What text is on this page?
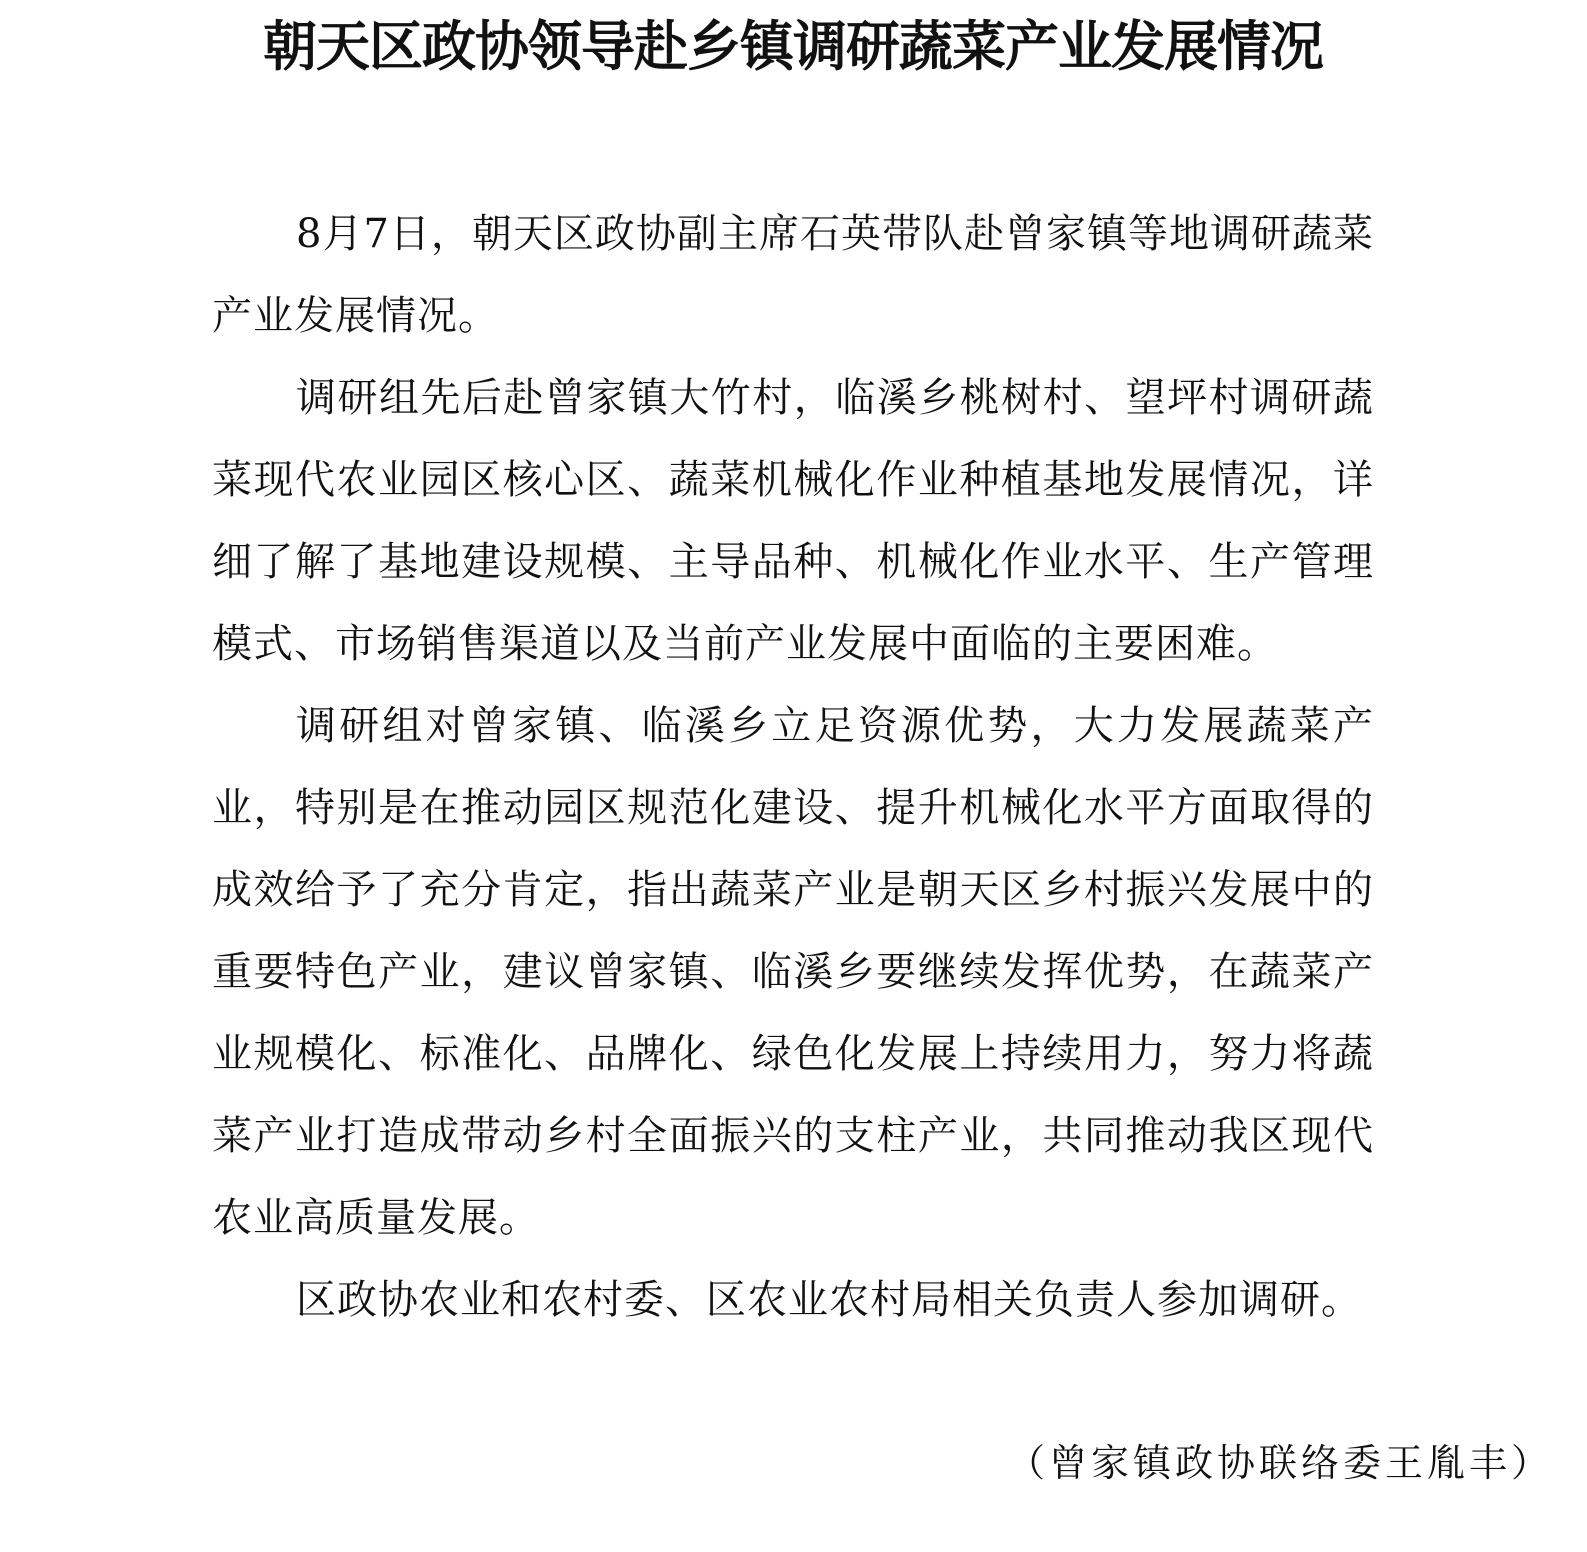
朝天区政协领导赴乡镇调研蔬菜产业发展情况

8月7日，朝天区政协副主席石英带队赴曾家镇等地调研蔬菜产业发展情况。

调研组先后赴曾家镇大竹村，临溪乡桃树村、望坪村调研蔬菜现代农业园区核心区、蔬菜机械化作业种植基地发展情况，详细了解了基地建设规模、主导品种、机械化作业水平、生产管理模式、市场销售渠道以及当前产业发展中面临的主要困难。

调研组对曾家镇、临溪乡立足资源优势，大力发展蔬菜产业，特别是在推动园区规范化建设、提升机械化水平方面取得的成效给予了充分肯定，指出蔬菜产业是朝天区乡村振兴发展中的重要特色产业，建议曾家镇、临溪乡要继续发挥优势，在蔬菜产业规模化、标准化、品牌化、绿色化发展上持续用力，努力将蔬菜产业打造成带动乡村全面振兴的支柱产业，共同推动我区现代农业高质量发展。

区政协农业和农村委、区农业农村局相关负责人参加调研。

（曾家镇政协联络委王胤丰）
